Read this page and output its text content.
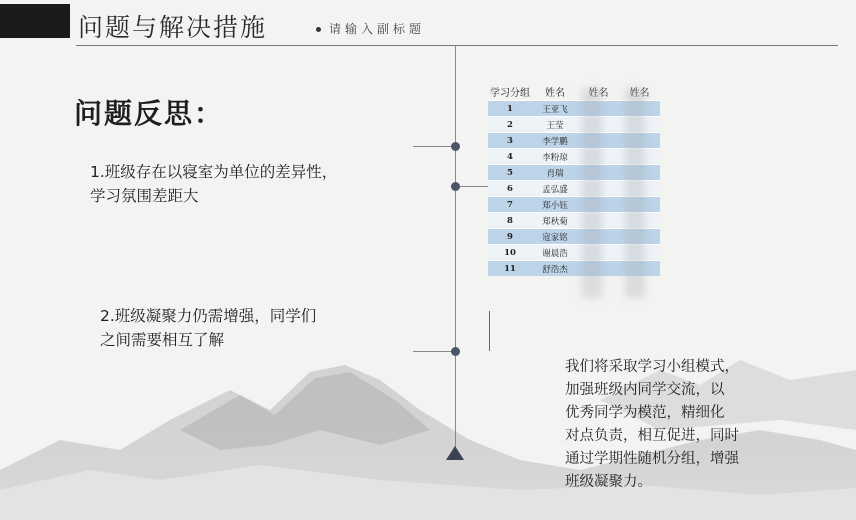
问题与解决措施	请输入副标题
问题反思：
1.班级存在以寝室为单位的差异性，
学习氛围差距大
2.班级凝聚力仍需增强，同学们
之间需要相互了解
学习分组	姓名	姓名	姓名
1	王亚飞
2	王莹
3	李学鹏
4	李粉琼
5	肖瑞
6	孟弘盛
7	郑小钰
8	郑秋菊
9	寇家铭
10	谢晨浩
11	舒浩杰
我们将采取学习小组模式，
加强班级内同学交流，以
优秀同学为模范，精细化
对点负责，相互促进，同时
通过学期性随机分组，增强
班级凝聚力。
